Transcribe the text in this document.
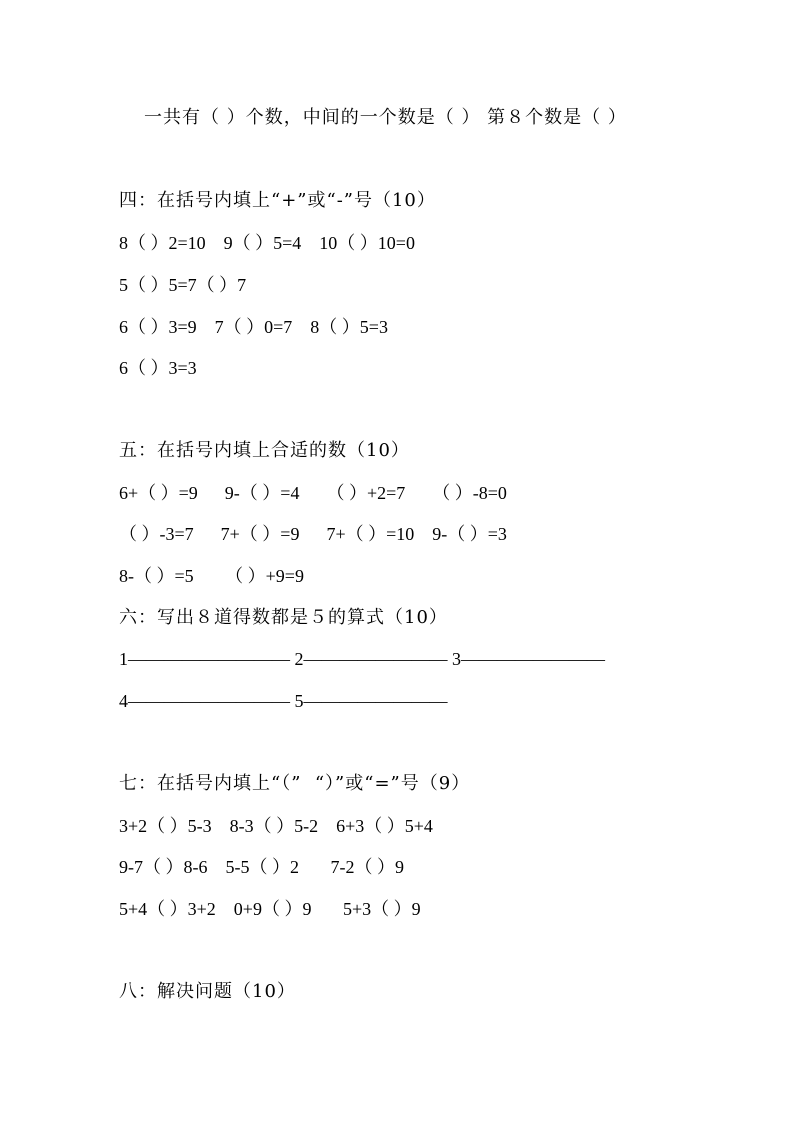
一共有（ ）个数，中间的一个数是（ ） 第８个数是（ ）
四：在括号内填上“+”或“-”号（10）
8（ ）2=10    9（ ）5=4    10（ ）10=0
5（ ）5=7（ ）7
6（ ）3=9    7（ ）0=7    8（ ）5=3
6（ ）3=3
五：在括号内填上合适的数（10）
6+（ ）=9      9-（ ）=4      （ ）+2=7      （ ）-8=0
（ ）-3=7      7+（ ）=9      7+（ ）=10    9-（ ）=3
8-（ ）=5       （ ）+9=9
六：写出８道得数都是５的算式（10）
1————————— 2———————— 3————————
4————————— 5————————
七：在括号内填上“（”  “）”或“=”号（9）
3+2（ ）5-3    8-3（ ）5-2    6+3（ ）5+4
9-7（ ）8-6    5-5（ ）2       7-2（ ）9
5+4（ ）3+2    0+9（ ）9       5+3（ ）9
八：解决问题（10）
